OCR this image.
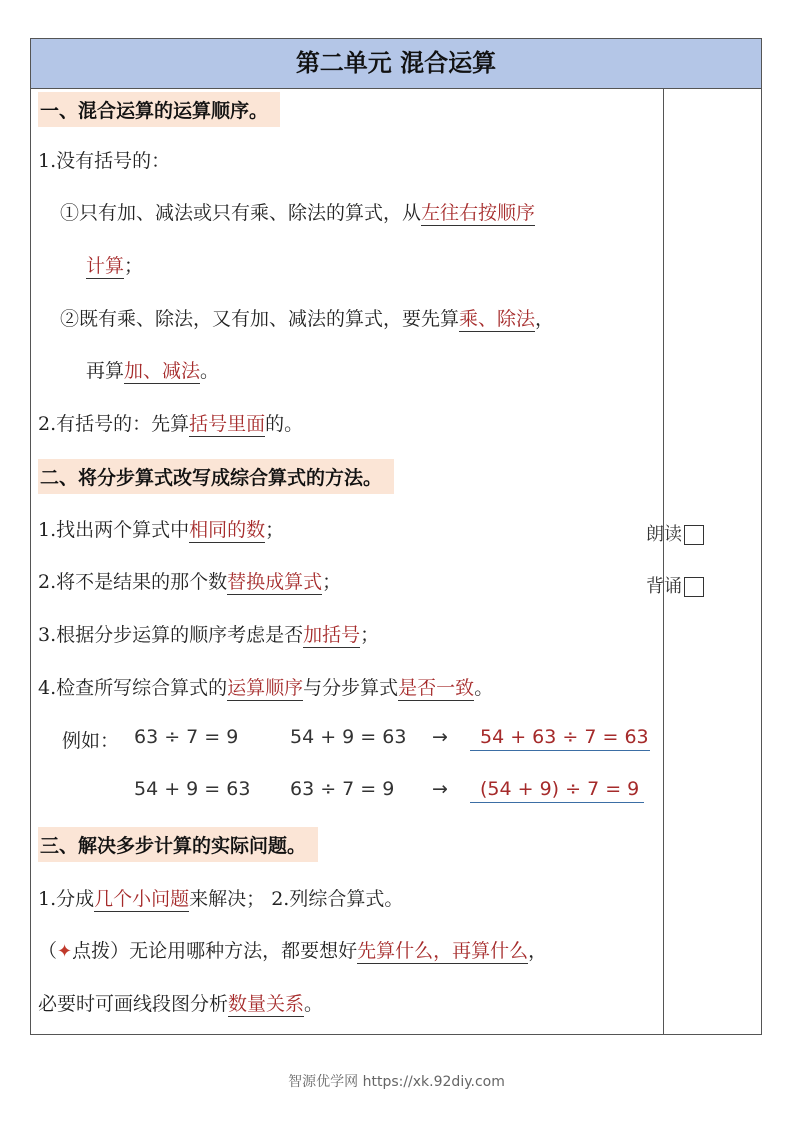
第二单元 混合运算
朗读
背诵
一、混合运算的运算顺序。
1.没有括号的：
①只有加、减法或只有乘、除法的算式，从左往右按顺序
计算；
②既有乘、除法，又有加、减法的算式，要先算乘、除法，
再算加、减法。
2.有括号的：先算括号里面的。
二、将分步算式改写成综合算式的方法。
1.找出两个算式中相同的数；
2.将不是结果的那个数替换成算式；
3.根据分步运算的顺序考虑是否加括号；
4.检查所写综合算式的运算顺序与分步算式是否一致。
例如： 63 ÷ 7 = 9	54 + 9 = 63 →	54 + 63 ÷ 7 = 63
54 + 9 = 63 63 ÷ 7 = 9 →	(54 + 9) ÷ 7 = 9
三、解决多步计算的实际问题。
1.分成几个小问题来解决； 2.列综合算式。
（✦点拨）无论用哪种方法，都要想好先算什么，再算什么，
必要时可画线段图分析数量关系。
智源优学网 https://xk.92diy.com
